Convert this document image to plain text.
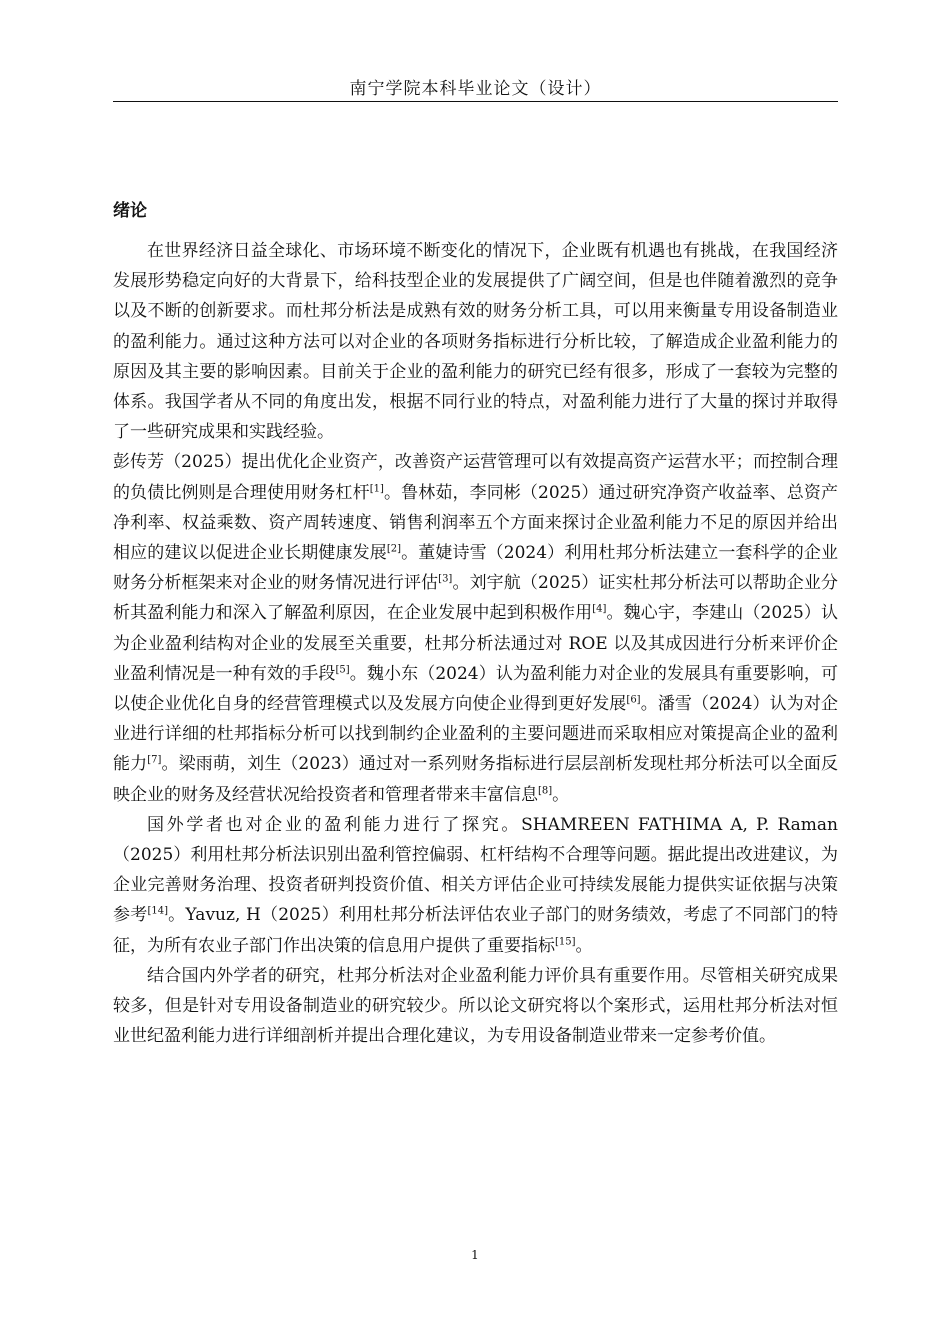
南宁学院本科毕业论文（设计）
绪论

在世界经济日益全球化、市场环境不断变化的情况下，企业既有机遇也有挑战，在我国经济发展形势稳定向好的大背景下，给科技型企业的发展提供了广阔空间，但是也伴随着激烈的竞争以及不断的创新要求。而杜邦分析法是成熟有效的财务分析工具，可以用来衡量专用设备制造业的盈利能力。通过这种方法可以对企业的各项财务指标进行分析比较，了解造成企业盈利能力的原因及其主要的影响因素。目前关于企业的盈利能力的研究已经有很多，形成了一套较为完整的体系。我国学者从不同的角度出发，根据不同行业的特点，对盈利能力进行了大量的探讨并取得了一些研究成果和实践经验。

彭传芳（2025）提出优化企业资产，改善资产运营管理可以有效提高资产运营水平；而控制合理的负债比例则是合理使用财务杠杆[1]。鲁林茹，李同彬（2025）通过研究净资产收益率、总资产净利率、权益乘数、资产周转速度、销售利润率五个方面来探讨企业盈利能力不足的原因并给出相应的建议以促进企业长期健康发展[2]。董婕诗雪（2024）利用杜邦分析法建立一套科学的企业财务分析框架来对企业的财务情况进行评估[3]。刘宇航（2025）证实杜邦分析法可以帮助企业分析其盈利能力和深入了解盈利原因，在企业发展中起到积极作用[4]。魏心宇，李建山（2025）认为企业盈利结构对企业的发展至关重要，杜邦分析法通过对 ROE 以及其成因进行分析来评价企业盈利情况是一种有效的手段[5]。魏小东（2024）认为盈利能力对企业的发展具有重要影响，可以使企业优化自身的经营管理模式以及发展方向使企业得到更好发展[6]。潘雪（2024）认为对企业进行详细的杜邦指标分析可以找到制约企业盈利的主要问题进而采取相应对策提高企业的盈利能力[7]。梁雨萌，刘生（2023）通过对一系列财务指标进行层层剖析发现杜邦分析法可以全面反映企业的财务及经营状况给投资者和管理者带来丰富信息[8]。

国外学者也对企业的盈利能力进行了探究。SHAMREEN FATHIMA A, P. Raman（2025）利用杜邦分析法识别出盈利管控偏弱、杠杆结构不合理等问题。据此提出改进建议，为企业完善财务治理、投资者研判投资价值、相关方评估企业可持续发展能力提供实证依据与决策参考[14]。Yavuz, H（2025）利用杜邦分析法评估农业子部门的财务绩效，考虑了不同部门的特征，为所有农业子部门作出决策的信息用户提供了重要指标[15]。

结合国内外学者的研究，杜邦分析法对企业盈利能力评价具有重要作用。尽管相关研究成果较多，但是针对专用设备制造业的研究较少。所以论文研究将以个案形式，运用杜邦分析法对恒业世纪盈利能力进行详细剖析并提出合理化建议，为专用设备制造业带来一定参考价值。

1
